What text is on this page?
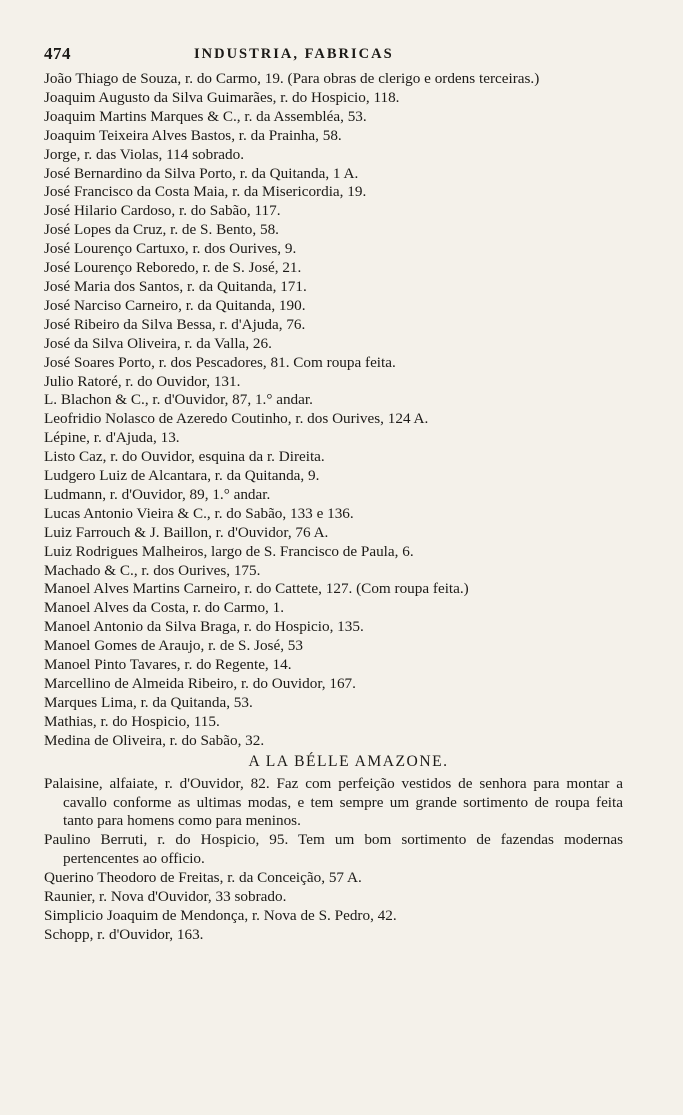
474	INDUSTRIA, FABRICAS
João Thiago de Souza, r. do Carmo, 19. (Para obras de clerigo e ordens terceiras.)
Joaquim Augusto da Silva Guimarães, r. do Hospicio, 118.
Joaquim Martins Marques & C., r. da Assembléa, 53.
Joaquim Teixeira Alves Bastos, r. da Prainha, 58.
Jorge, r. das Violas, 114 sobrado.
José Bernardino da Silva Porto, r. da Quitanda, 1 A.
José Francisco da Costa Maia, r. da Misericordia, 19.
José Hilario Cardoso, r. do Sabão, 117.
José Lopes da Cruz, r. de S. Bento, 58.
José Lourenço Cartuxo, r. dos Ourives, 9.
José Lourenço Reboredo, r. de S. José, 21.
José Maria dos Santos, r. da Quitanda, 171.
José Narciso Carneiro, r. da Quitanda, 190.
José Ribeiro da Silva Bessa, r. d'Ajuda, 76.
José da Silva Oliveira, r. da Valla, 26.
José Soares Porto, r. dos Pescadores, 81. Com roupa feita.
Julio Ratoré, r. do Ouvidor, 131.
L. Blachon & C., r. d'Ouvidor, 87, 1.° andar.
Leofridio Nolasco de Azeredo Coutinho, r. dos Ourives, 124 A.
Lépine, r. d'Ajuda, 13.
Listo Caz, r. do Ouvidor, esquina da r. Direita.
Ludgero Luiz de Alcantara, r. da Quitanda, 9.
Ludmann, r. d'Ouvidor, 89, 1.° andar.
Lucas Antonio Vieira & C., r. do Sabão, 133 e 136.
Luiz Farrouch & J. Baillon, r. d'Ouvidor, 76 A.
Luiz Rodrigues Malheiros, largo de S. Francisco de Paula, 6.
Machado & C., r. dos Ourives, 175.
Manoel Alves Martins Carneiro, r. do Cattete, 127. (Com roupa feita.)
Manoel Alves da Costa, r. do Carmo, 1.
Manoel Antonio da Silva Braga, r. do Hospicio, 135.
Manoel Gomes de Araujo, r. de S. José, 53
Manoel Pinto Tavares, r. do Regente, 14.
Marcellino de Almeida Ribeiro, r. do Ouvidor, 167.
Marques Lima, r. da Quitanda, 53.
Mathias, r. do Hospicio, 115.
Medina de Oliveira, r. do Sabão, 32.
A LA BÉLLE AMAZONE.
Palaisine, alfaiate, r. d'Ouvidor, 82. Faz com perfeição vestidos de senhora para montar a cavallo conforme as ultimas modas, e tem sempre um grande sortimento de roupa feita tanto para homens como para meninos.
Paulino Berruti, r. do Hospicio, 95. Tem um bom sortimento de fazendas modernas pertencentes ao officio.
Querino Theodoro de Freitas, r. da Conceição, 57 A.
Raunier, r. Nova d'Ouvidor, 33 sobrado.
Simplicio Joaquim de Mendonça, r. Nova de S. Pedro, 42.
Schopp, r. d'Ouvidor, 163.
